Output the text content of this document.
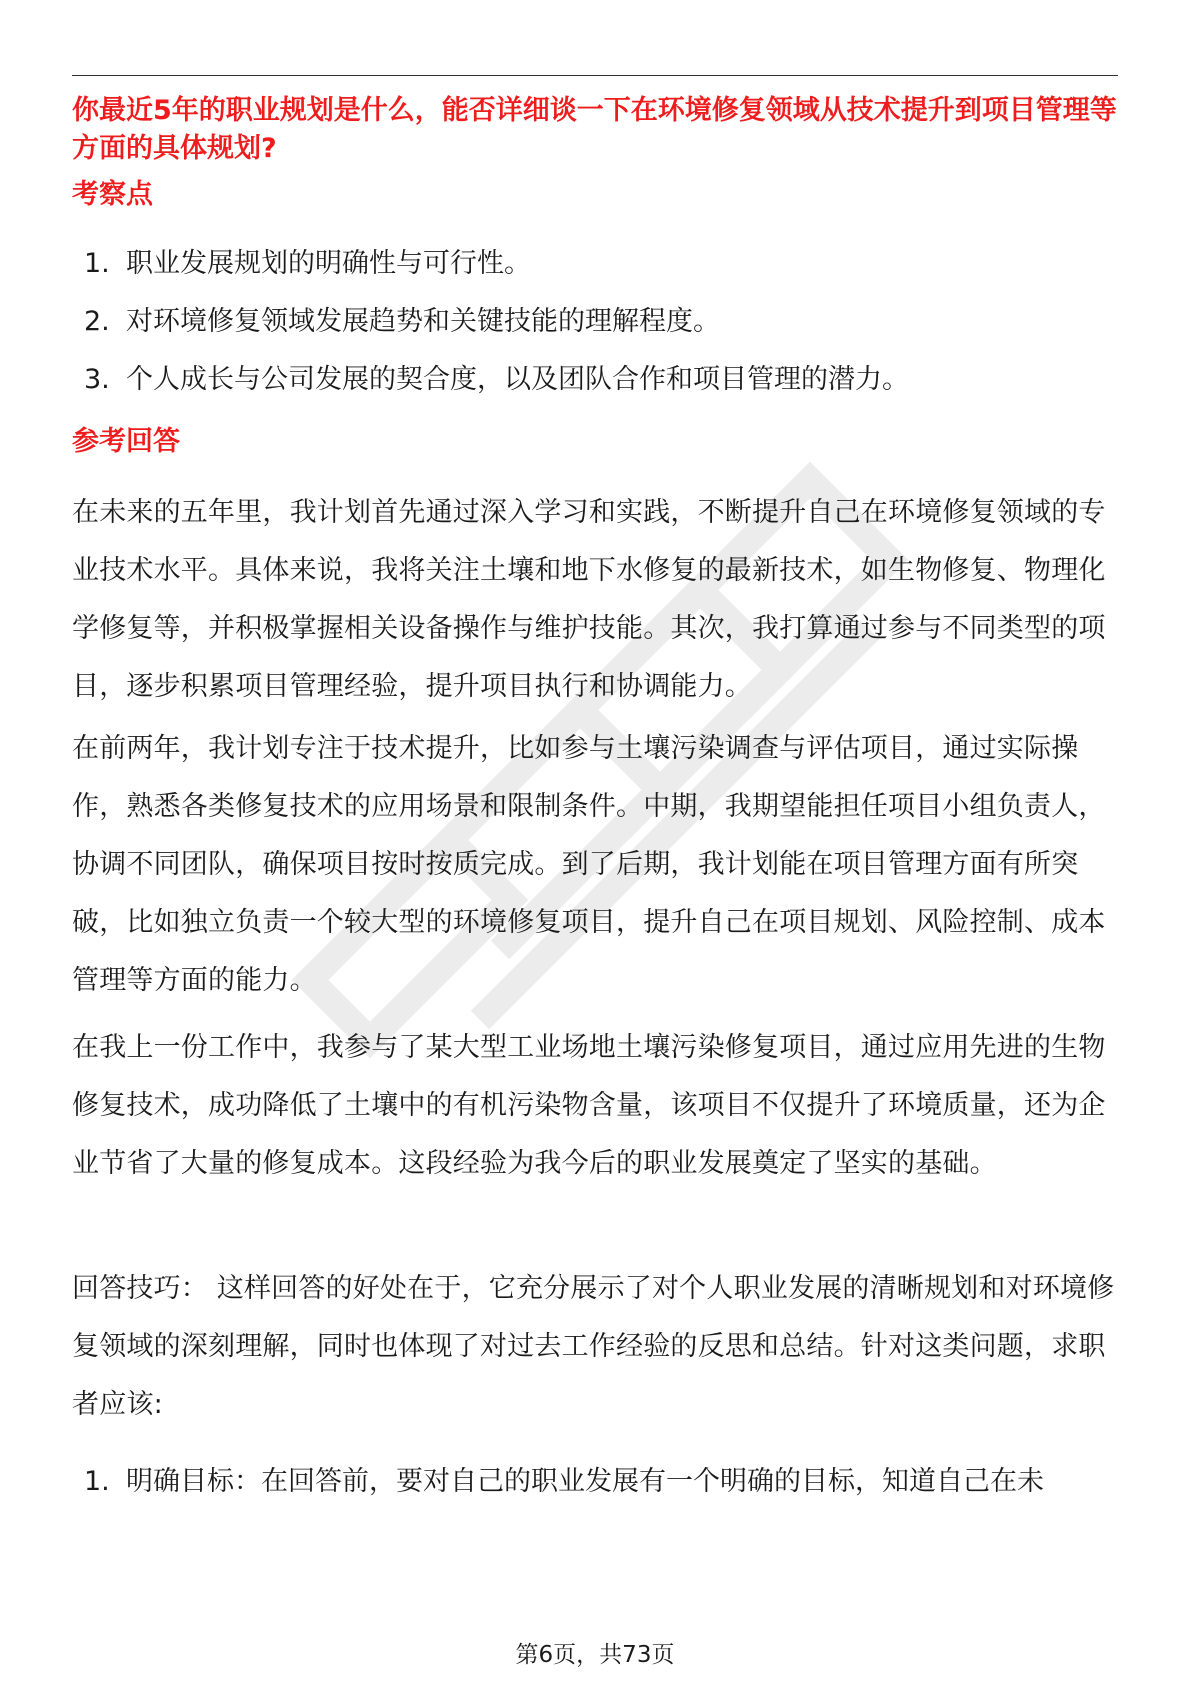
你最近5年的职业规划是什么，能否详细谈一下在环境修复领域从技术提升到项目管理等方面的具体规划?
考察点
1. 职业发展规划的明确性与可行性。
2. 对环境修复领域发展趋势和关键技能的理解程度。
3. 个人成长与公司发展的契合度，以及团队合作和项目管理的潜力。
参考回答

在未来的五年里，我计划首先通过深入学习和实践，不断提升自己在环境修复领域的专业技术水平。具体来说，我将关注土壤和地下水修复的最新技术，如生物修复、物理化学修复等，并积极掌握相关设备操作与维护技能。其次，我打算通过参与不同类型的项目，逐步积累项目管理经验，提升项目执行和协调能力。

在前两年，我计划专注于技术提升，比如参与土壤污染调查与评估项目，通过实际操作，熟悉各类修复技术的应用场景和限制条件。中期，我期望能担任项目小组负责人，协调不同团队，确保项目按时按质完成。到了后期，我计划能在项目管理方面有所突破，比如独立负责一个较大型的环境修复项目，提升自己在项目规划、风险控制、成本管理等方面的能力。

在我上一份工作中，我参与了某大型工业场地土壤污染修复项目，通过应用先进的生物修复技术，成功降低了土壤中的有机污染物含量，该项目不仅提升了环境质量，还为企业节省了大量的修复成本。这段经验为我今后的职业发展奠定了坚实的基础。

回答技巧： 这样回答的好处在于，它充分展示了对个人职业发展的清晰规划和对环境修复领域的深刻理解，同时也体现了对过去工作经验的反思和总结。针对这类问题，求职者应该:

1. 明确目标：在回答前，要对自己的职业发展有一个明确的目标，知道自己在未
第6页，共73页
